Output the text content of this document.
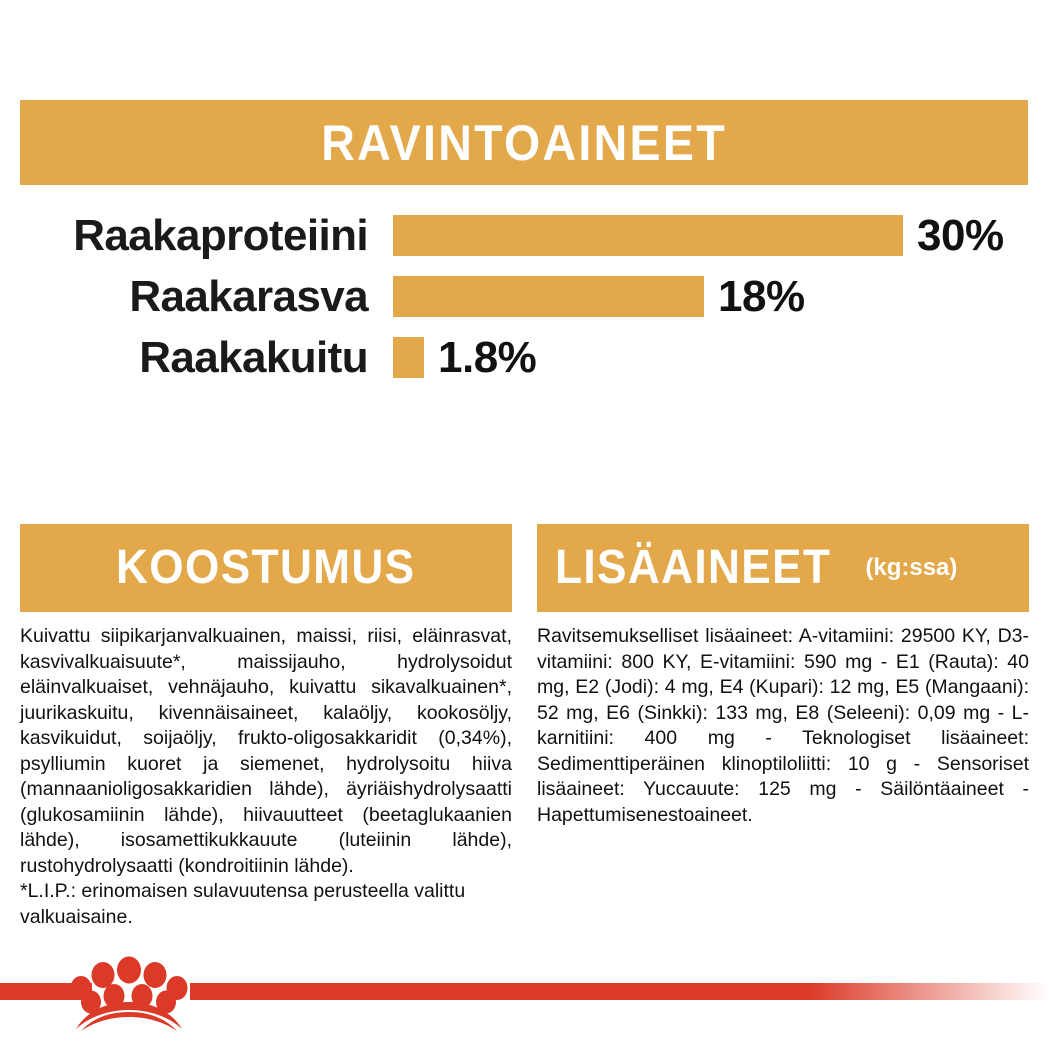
RAVINTOAINEET
Raakaproteiini	30%
Raakarasva	18%
Raakakuitu 1.8%
KOOSTUMUS
Kuivattu siipikarjanvalkuainen, maissi, riisi, eläinrasvat, kasvivalkuaisuute*, maissijauho, hydrolysoidut eläinvalkuaiset, vehnäjauho, kuivattu sikavalkuainen*, juurikaskuitu, kivennäisaineet, kalaöljy, kookosöljy, kasvikuidut, soijaöljy, frukto-oligosakkaridit (0,34%), psylliumin kuoret ja siemenet, hydrolysoitu hiiva (mannaanioligosakkaridien lähde), äyriäishydrolysaatti (glukosamiinin lähde), hiivauutteet (beetaglukaanien lähde), isosamettikukkauute (luteiinin lähde), rustohydrolysaatti (kondroitiinin lähde).
*L.I.P.: erinomaisen sulavuutensa perusteella valittu valkuaisaine.
LISÄAINEET (kg:ssa)
Ravitsemukselliset lisäaineet: A-vitamiini: 29500 KY, D3-vitamiini: 800 KY, E-vitamiini: 590 mg - E1 (Rauta): 40 mg, E2 (Jodi): 4 mg, E4 (Kupari): 12 mg, E5 (Mangaani): 52 mg, E6 (Sinkki): 133 mg, E8 (Seleeni): 0,09 mg - L-karnitiini: 400 mg - Teknologiset lisäaineet: Sedimenttiperäinen klinoptiloliitti: 10 g - Sensoriset lisäaineet: Yuccauute: 125 mg - Säilöntäaineet - Hapettumisenestoaineet.
